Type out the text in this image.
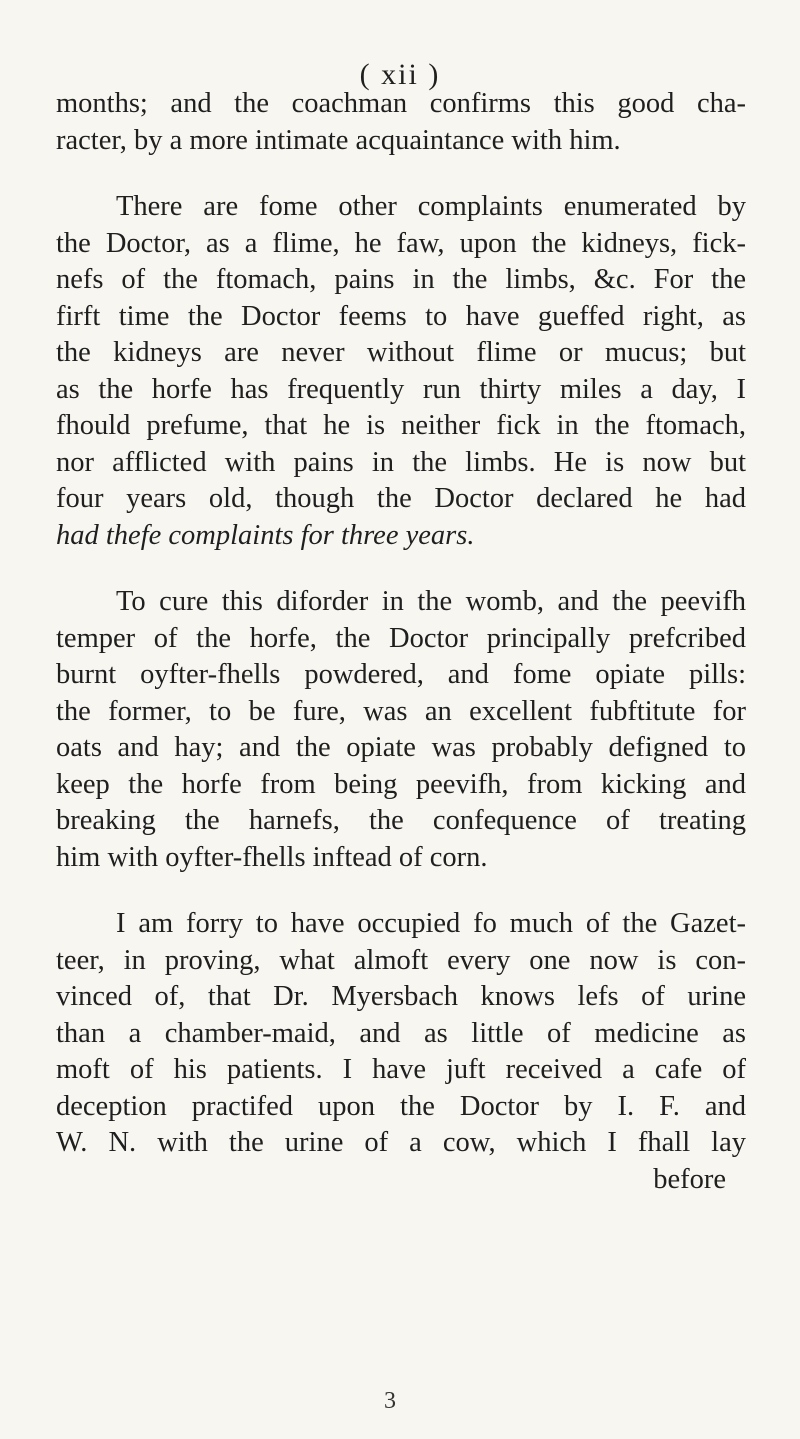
( xii )
months; and the coachman confirms this good cha-
racter, by a more intimate acquaintance with him.
There are fome other complaints enumerated by
the Doctor, as a flime, he faw, upon the kidneys, fick-
nefs of the ftomach, pains in the limbs, &c. For the
firft time the Doctor feems to have gueffed right, as
the kidneys are never without flime or mucus; but
as the horfe has frequently run thirty miles a day, I
fhould prefume, that he is neither fick in the ftomach,
nor afflicted with pains in the limbs. He is now but
four years old, though the Doctor declared he had
had thefe complaints for three years.
To cure this diforder in the womb, and the peevifh
temper of the horfe, the Doctor principally prefcribed
burnt oyfter-fhells powdered, and fome opiate pills:
the former, to be fure, was an excellent fubftitute for
oats and hay; and the opiate was probably defigned to
keep the horfe from being peevifh, from kicking and
breaking the harnefs, the confequence of treating
him with oyfter-fhells inftead of corn.
I am forry to have occupied fo much of the Gazet-
teer, in proving, what almoft every one now is con-
vinced of, that Dr. Myersbach knows lefs of urine
than a chamber-maid, and as little of medicine as
moft of his patients. I have juft received a cafe of
deception practifed upon the Doctor by I. F. and
W. N. with the urine of a cow, which I fhall lay
before
3
